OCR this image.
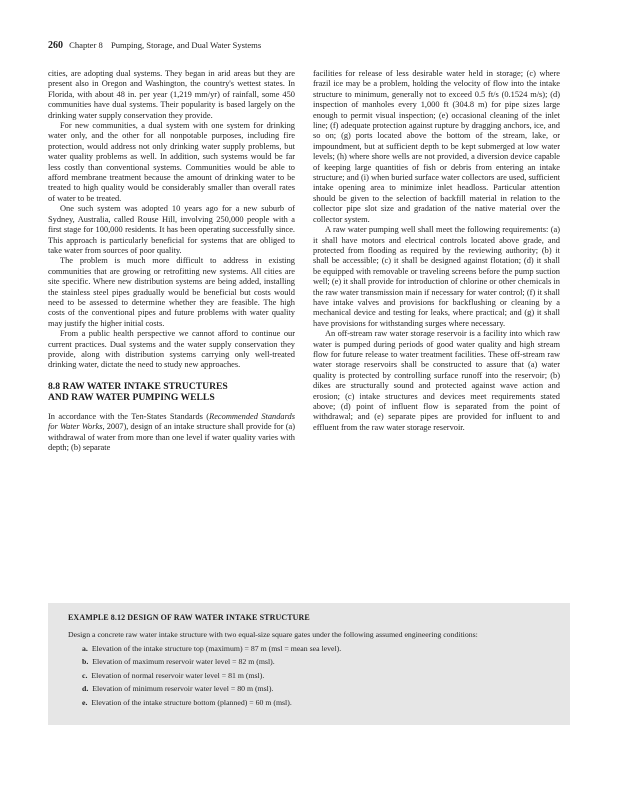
260 Chapter 8 Pumping, Storage, and Dual Water Systems

cities, are adopting dual systems. They began in arid areas but they are present also in Oregon and Washington, the country's wettest states. In Florida, with about 48 in. per year (1,219 mm/yr) of rainfall, some 450 communities have dual systems. Their popularity is based largely on the drinking water supply conservation they provide.

For new communities, a dual system with one system for drinking water only, and the other for all nonpotable purposes, including fire protection, would address not only drinking water supply problems, but water quality problems as well. In addition, such systems would be far less costly than conventional systems. Communities would be able to afford membrane treatment because the amount of drinking water to be treated to high quality would be considerably smaller than overall rates of water to be treated.

One such system was adopted 10 years ago for a new suburb of Sydney, Australia, called Rouse Hill, involving 250,000 people with a first stage for 100,000 residents. It has been operating successfully since. This approach is particularly beneficial for systems that are obliged to take water from sources of poor quality.

The problem is much more difficult to address in existing communities that are growing or retrofitting new systems. All cities are site specific. Where new distribution systems are being added, installing the stainless steel pipes gradually would be beneficial but costs would need to be assessed to determine whether they are feasible. The high costs of the conventional pipes and future problems with water quality may justify the higher initial costs.

From a public health perspective we cannot afford to continue our current practices. Dual systems and the water supply conservation they provide, along with distribution systems carrying only well-treated drinking water, dictate the need to study new approaches.

8.8 RAW WATER INTAKE STRUCTURES
AND RAW WATER PUMPING WELLS

In accordance with the Ten-States Standards (Recommended Standards for Water Works, 2007), design of an intake structure shall provide for (a) withdrawal of water from more than one level if water quality varies with depth; (b) separate

facilities for release of less desirable water held in storage; (c) where frazil ice may be a problem, holding the velocity of flow into the intake structure to minimum, generally not to exceed 0.5 ft/s (0.1524 m/s); (d) inspection of manholes every 1,000 ft (304.8 m) for pipe sizes large enough to permit visual inspection; (e) occasional cleaning of the inlet line; (f) adequate protection against rupture by dragging anchors, ice, and so on; (g) ports located above the bottom of the stream, lake, or impoundment, but at sufficient depth to be kept submerged at low water levels; (h) where shore wells are not provided, a diversion device capable of keeping large quantities of fish or debris from entering an intake structure; and (i) when buried surface water collectors are used, sufficient intake opening area to minimize inlet headloss. Particular attention should be given to the selection of backfill material in relation to the collector pipe slot size and gradation of the native material over the collector system.

A raw water pumping well shall meet the following requirements: (a) it shall have motors and electrical controls located above grade, and protected from flooding as required by the reviewing authority; (b) it shall be accessible; (c) it shall be designed against flotation; (d) it shall be equipped with removable or traveling screens before the pump suction well; (e) it shall provide for introduction of chlorine or other chemicals in the raw water transmission main if necessary for water control; (f) it shall have intake valves and provisions for backflushing or cleaning by a mechanical device and testing for leaks, where practical; and (g) it shall have provisions for withstanding surges where necessary.

An off-stream raw water storage reservoir is a facility into which raw water is pumped during periods of good water quality and high stream flow for future release to water treatment facilities. These off-stream raw water storage reservoirs shall be constructed to assure that (a) water quality is protected by controlling surface runoff into the reservoir; (b) dikes are structurally sound and protected against wave action and erosion; (c) intake structures and devices meet requirements stated above; (d) point of influent flow is separated from the point of withdrawal; and (e) separate pipes are provided for influent to and effluent from the raw water storage reservoir.

EXAMPLE 8.12 DESIGN OF RAW WATER INTAKE STRUCTURE
Design a concrete raw water intake structure with two equal-size square gates under the following assumed engineering conditions:
a. Elevation of the intake structure top (maximum) = 87 m (msl = mean sea level).
b. Elevation of maximum reservoir water level = 82 m (msl).
c. Elevation of normal reservoir water level = 81 m (msl).
d. Elevation of minimum reservoir water level = 80 m (msl).
e. Elevation of the intake structure bottom (planned) = 60 m (msl).
